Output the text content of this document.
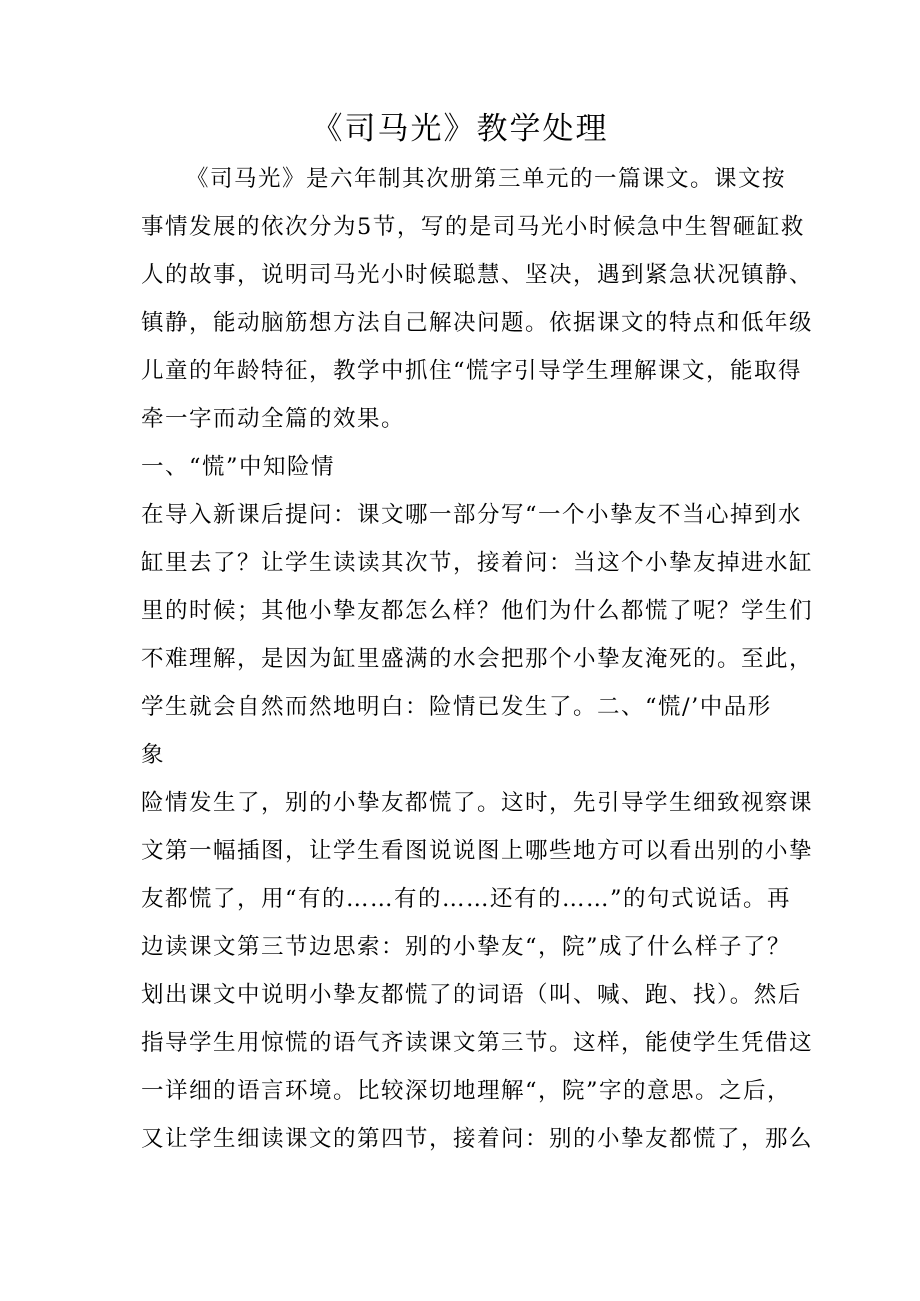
《司马光》教学处理
《司马光》是六年制其次册第三单元的一篇课文。课文按
事情发展的依次分为5节，写的是司马光小时候急中生智砸缸救
人的故事，说明司马光小时候聪慧、坚决，遇到紧急状况镇静、
镇静，能动脑筋想方法自己解决问题。依据课文的特点和低年级
儿童的年龄特征，教学中抓住“慌字引导学生理解课文，能取得
牵一字而动全篇的效果。
一、“慌”中知险情
在导入新课后提问：课文哪一部分写“一个小挚友不当心掉到水
缸里去了？让学生读读其次节，接着问：当这个小挚友掉进水缸
里的时候；其他小挚友都怎么样？他们为什么都慌了呢？学生们
不难理解，是因为缸里盛满的水会把那个小挚友淹死的。至此，
学生就会自然而然地明白：险情已发生了。二、“慌/’中品形
象
险情发生了，别的小挚友都慌了。这时，先引导学生细致视察课
文第一幅插图，让学生看图说说图上哪些地方可以看出别的小挚
友都慌了，用“有的……有的……还有的……”的句式说话。再
边读课文第三节边思索：别的小挚友“，院”成了什么样子了？
划出课文中说明小挚友都慌了的词语（叫、喊、跑、找）。然后
指导学生用惊慌的语气齐读课文第三节。这样，能使学生凭借这
一详细的语言环境。比较深切地理解“，院”字的意思。之后，
又让学生细读课文的第四节，接着问：别的小挚友都慌了，那么
